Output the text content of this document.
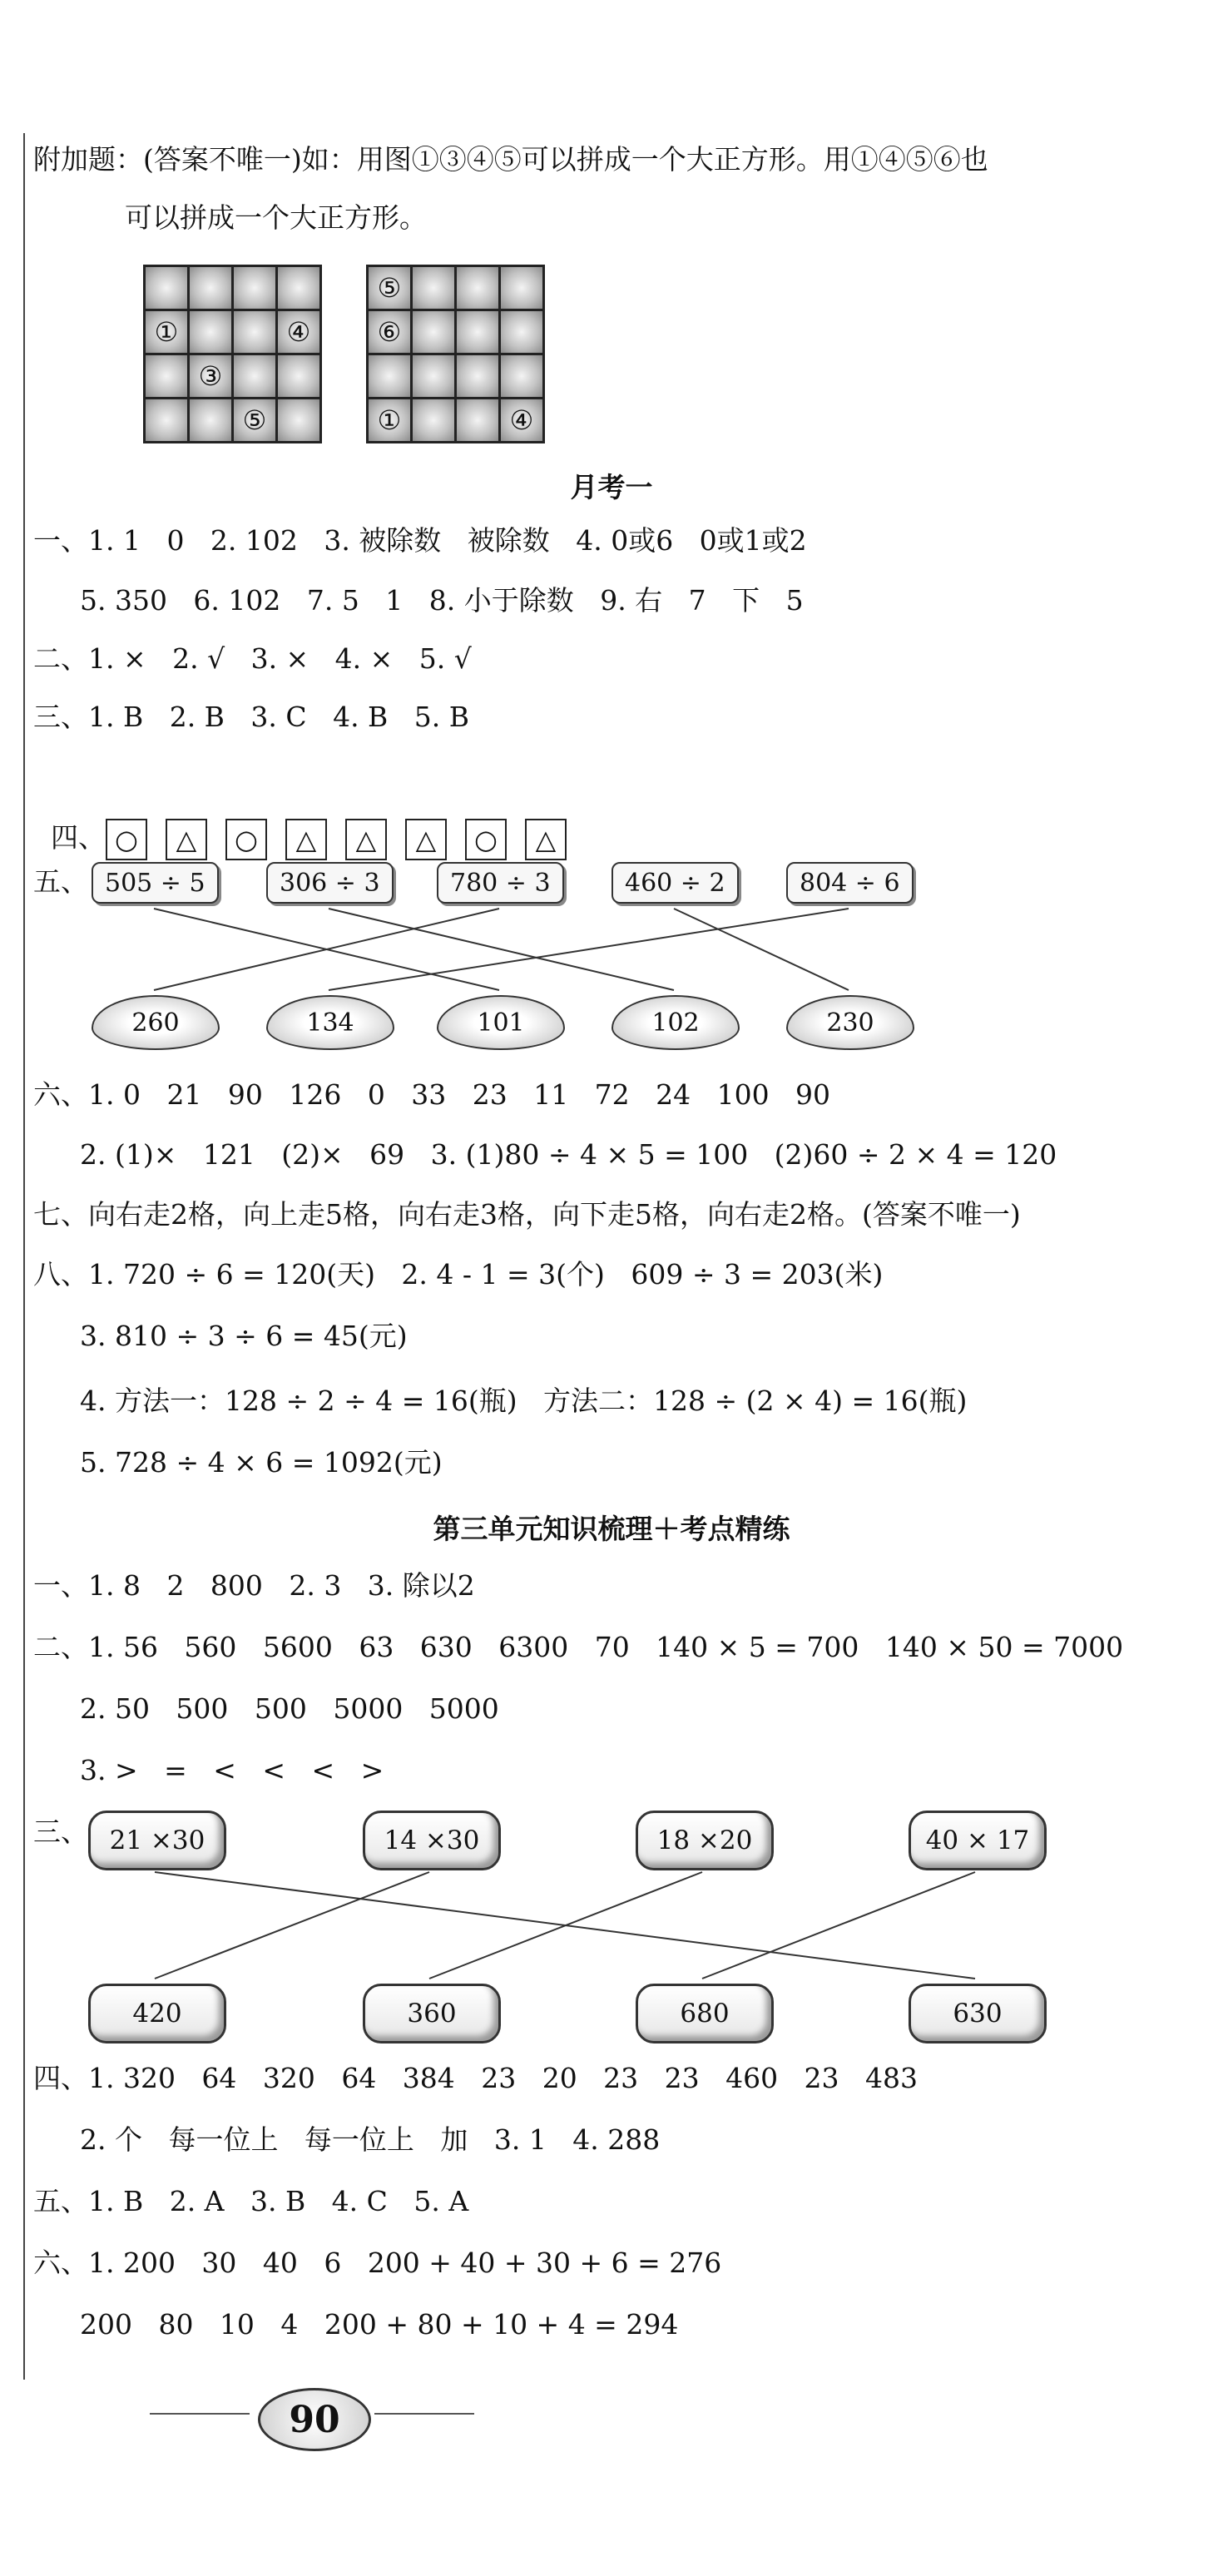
附加题：(答案不唯一)如：用图①③④⑤可以拼成一个大正方形。用①④⑤⑥也
可以拼成一个大正方形。
①	④
③
⑤
⑤
⑥
①	④
月考一
一、1. 1   0   2. 102   3. 被除数   被除数   4. 0或6   0或1或2
5. 350   6. 102   7. 5   1   8. 小于除数   9. 右   7   下   5
二、1. ×   2. √   3. ×   4. ×   5. √
三、1. B   2. B   3. C   4. B   5. B

四、 ○ △ ○ △ △ △ ○ △

五、 505 ÷ 5	306 ÷ 3	780 ÷ 3	460 ÷ 2	804 ÷ 6
260	134	101	102	230
六、1. 0   21   90   126   0   33   23   11   72   24   100   90
2. (1)×   121   (2)×   69   3. (1)80 ÷ 4 × 5 = 100   (2)60 ÷ 2 × 4 = 120
七、向右走2格，向上走5格，向右走3格，向下走5格，向右走2格。(答案不唯一)
八、1. 720 ÷ 6 = 120(天)   2. 4 - 1 = 3(个)   609 ÷ 3 = 203(米)
3. 810 ÷ 3 ÷ 6 = 45(元)
4. 方法一：128 ÷ 2 ÷ 4 = 16(瓶)   方法二：128 ÷ (2 × 4) = 16(瓶)
5. 728 ÷ 4 × 6 = 1092(元)
第三单元知识梳理＋考点精练
一、1. 8   2   800   2. 3   3. 除以2
二、1. 56   560   5600   63   630   6300   70   140 × 5 = 700   140 × 50 = 7000
2. 50   500   500   5000   5000
3. >   =   <   <   <   >
三、 21 ×30	14 ×30	18 ×20	40 × 17
420	360	680	630
四、1. 320   64   320   64   384   23   20   23   23   460   23   483
2. 个   每一位上   每一位上   加   3. 1   4. 288
五、1. B   2. A   3. B   4. C   5. A
六、1. 200   30   40   6   200 + 40 + 30 + 6 = 276
200   80   10   4   200 + 80 + 10 + 4 = 294
90
